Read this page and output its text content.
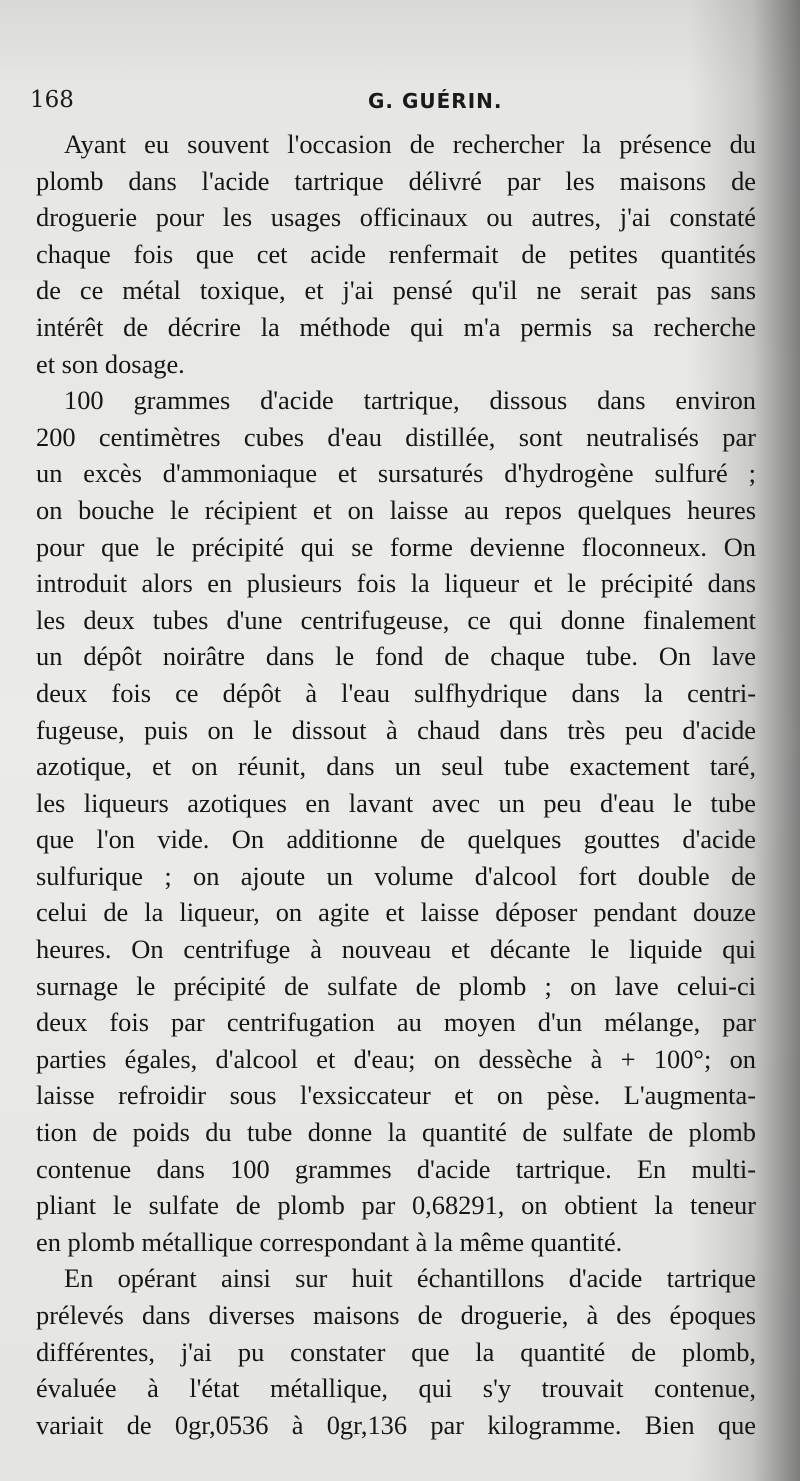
168	G. GUÉRIN.
Ayant eu souvent l'occasion de rechercher la présence du
plomb dans l'acide tartrique délivré par les maisons de
droguerie pour les usages officinaux ou autres, j'ai constaté
chaque fois que cet acide renfermait de petites quantités
de ce métal toxique, et j'ai pensé qu'il ne serait pas sans
intérêt de décrire la méthode qui m'a permis sa recherche
et son dosage.
100 grammes d'acide tartrique, dissous dans environ
200 centimètres cubes d'eau distillée, sont neutralisés par
un excès d'ammoniaque et sursaturés d'hydrogène sulfuré ;
on bouche le récipient et on laisse au repos quelques heures
pour que le précipité qui se forme devienne floconneux. On
introduit alors en plusieurs fois la liqueur et le précipité dans
les deux tubes d'une centrifugeuse, ce qui donne finalement
un dépôt noirâtre dans le fond de chaque tube. On lave
deux fois ce dépôt à l'eau sulfhydrique dans la centri-
fugeuse, puis on le dissout à chaud dans très peu d'acide
azotique, et on réunit, dans un seul tube exactement taré,
les liqueurs azotiques en lavant avec un peu d'eau le tube
que l'on vide. On additionne de quelques gouttes d'acide
sulfurique ; on ajoute un volume d'alcool fort double de
celui de la liqueur, on agite et laisse déposer pendant douze
heures. On centrifuge à nouveau et décante le liquide qui
surnage le précipité de sulfate de plomb ; on lave celui-ci
deux fois par centrifugation au moyen d'un mélange, par
parties égales, d'alcool et d'eau; on dessèche à + 100°; on
laisse refroidir sous l'exsiccateur et on pèse. L'augmenta-
tion de poids du tube donne la quantité de sulfate de plomb
contenue dans 100 grammes d'acide tartrique. En multi-
pliant le sulfate de plomb par 0,68291, on obtient la teneur
en plomb métallique correspondant à la même quantité.
En opérant ainsi sur huit échantillons d'acide tartrique
prélevés dans diverses maisons de droguerie, à des époques
différentes, j'ai pu constater que la quantité de plomb,
évaluée à l'état métallique, qui s'y trouvait contenue,
variait de 0gr,0536 à 0gr,136 par kilogramme. Bien que
